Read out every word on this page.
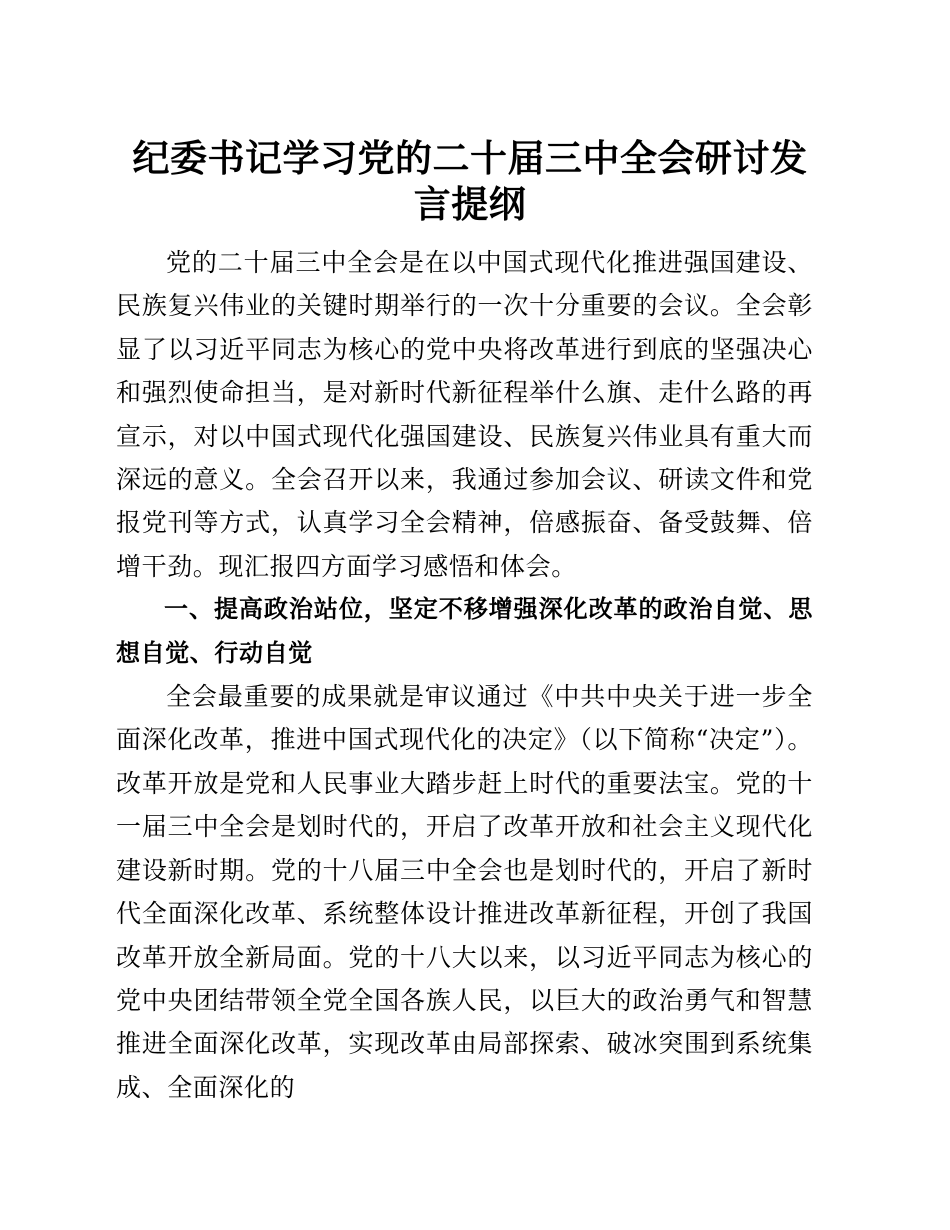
纪委书记学习党的二十届三中全会研讨发言提纲

党的二十届三中全会是在以中国式现代化推进强国建设、民族复兴伟业的关键时期举行的一次十分重要的会议。全会彰显了以习近平同志为核心的党中央将改革进行到底的坚强决心和强烈使命担当，是对新时代新征程举什么旗、走什么路的再宣示，对以中国式现代化强国建设、民族复兴伟业具有重大而深远的意义。全会召开以来，我通过参加会议、研读文件和党报党刊等方式，认真学习全会精神，倍感振奋、备受鼓舞、倍增干劲。现汇报四方面学习感悟和体会。

一、提高政治站位，坚定不移增强深化改革的政治自觉、思想自觉、行动自觉

全会最重要的成果就是审议通过《中共中央关于进一步全面深化改革，推进中国式现代化的决定》（以下简称“决定”）。改革开放是党和人民事业大踏步赶上时代的重要法宝。党的十一届三中全会是划时代的，开启了改革开放和社会主义现代化建设新时期。党的十八届三中全会也是划时代的，开启了新时代全面深化改革、系统整体设计推进改革新征程，开创了我国改革开放全新局面。党的十八大以来，以习近平同志为核心的党中央团结带领全党全国各族人民，以巨大的政治勇气和智慧推进全面深化改革，实现改革由局部探索、破冰突围到系统集成、全面深化的
